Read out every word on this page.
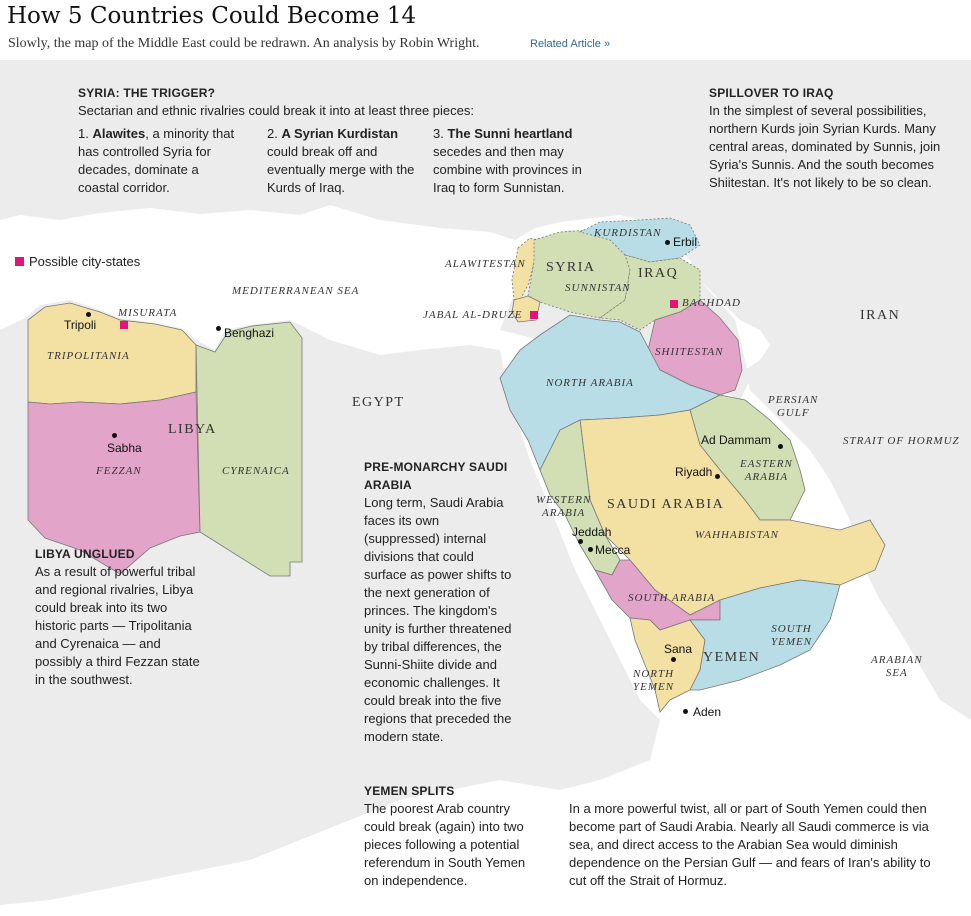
How 5 Countries Could Become 14
Slowly, the map of the Middle East could be redrawn. An analysis by Robin Wright.	Related Article »
MEDITERRANEAN SEA
EGYPT
LIBYA
TRIPOLITANIA
FEZZAN	CYRENAICA
MISURATA
ALAWITESTAN
JABAL AL-DRUZE
SYRIA
SUNNISTAN
KURDISTAN
IRAQ
BAGHDAD
SHIITESTAN
IRAN
PERSIAN
GULF
STRAIT OF HORMUZ
NORTH ARABIA
EASTERN
ARABIA
WESTERN
ARABIA
SAUDI ARABIA
WAHHABISTAN
SOUTH ARABIA
SOUTH
YEMEN
YEMEN
NORTH
YEMEN
ARABIAN
SEA
Tripoli
Benghazi
Sabha
Erbil
Ad Dammam
Riyadh
Jeddah
Mecca
Sana
Aden
Possible city-states
SYRIA: THE TRIGGER?

Sectarian and ethnic rivalries could break it into at least three pieces:

1. Alawites, a minority that has controlled Syria for decades, dominate a coastal corridor.
2. A Syrian Kurdistan could break off and eventually merge with the Kurds of Iraq.
3. The Sunni heartland secedes and then may combine with provinces in Iraq to form Sunnistan.
SPILLOVER TO IRAQ

In the simplest of several possibilities, northern Kurds join Syrian Kurds. Many central areas, dominated by Sunnis, join Syria's Sunnis. And the south becomes Shiitestan. It's not likely to be so clean.

LIBYA UNGLUED

As a result of powerful tribal and regional rivalries, Libya could break into its two historic parts — Tripolitania and Cyrenaica — and possibly a third Fezzan state in the southwest.

PRE-MONARCHY SAUDI ARABIA

Long term, Saudi Arabia faces its own (suppressed) internal divisions that could surface as power shifts to the next generation of princes. The kingdom's unity is further threatened by tribal differences, the Sunni-Shiite divide and economic challenges. It could break into the five regions that preceded the modern state.

YEMEN SPLITS

The poorest Arab country could break (again) into two pieces following a potential referendum in South Yemen on independence.

In a more powerful twist, all or part of South Yemen could then become part of Saudi Arabia. Nearly all Saudi commerce is via sea, and direct access to the Arabian Sea would diminish dependence on the Persian Gulf — and fears of Iran's ability to cut off the Strait of Hormuz.
